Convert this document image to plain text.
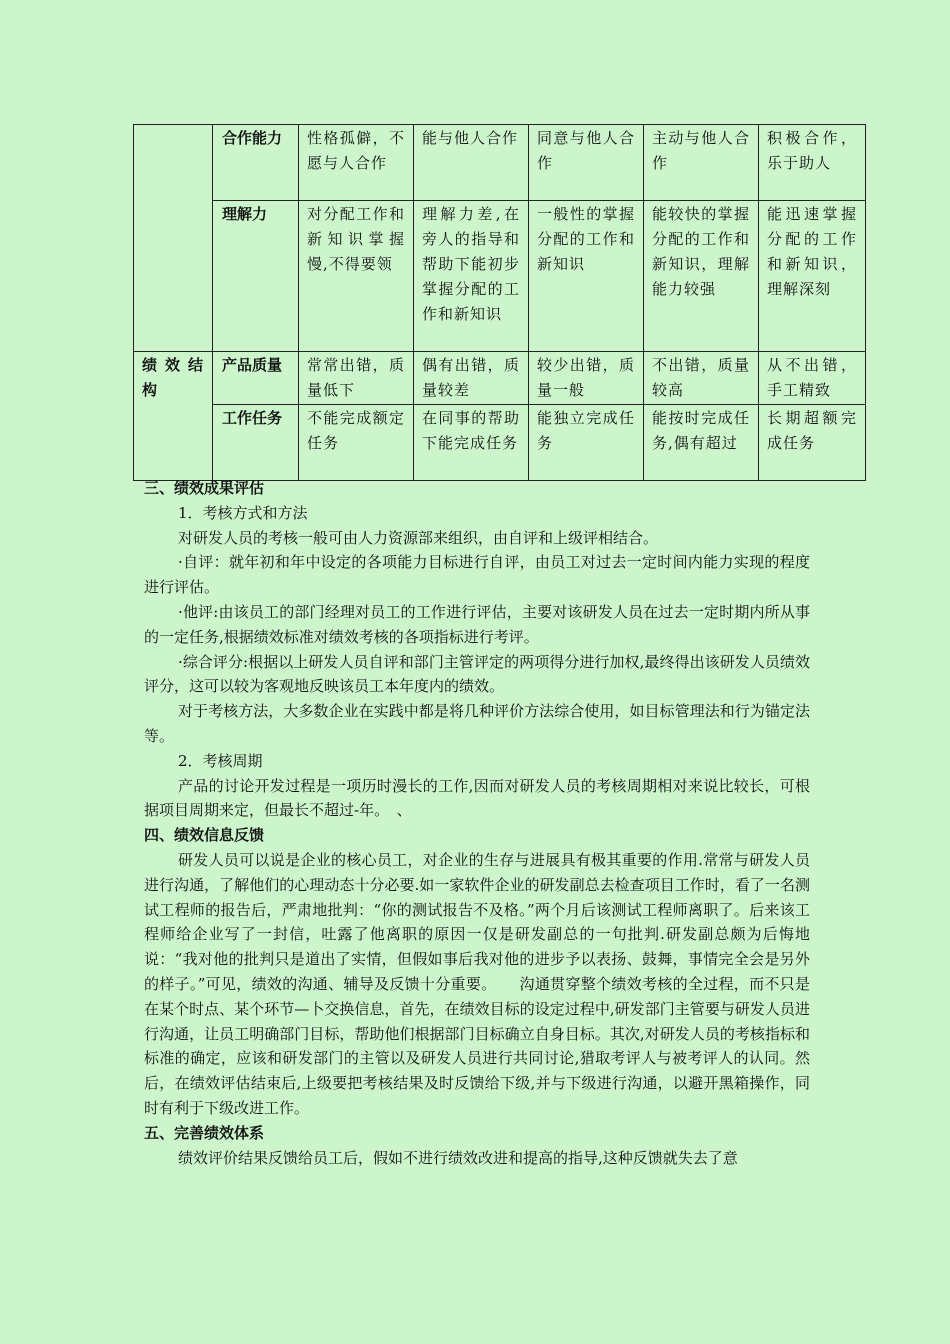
	合作能力	性格孤僻，不愿与人合作	能与他人合作	同意与他人合作	主动与他人合作	积极合作，乐于助人
	理解力	对分配工作和新知识掌握慢,不得要领	理解力差,在旁人的指导和帮助下能初步掌握分配的工作和新知识	一般性的掌握分配的工作和新知识	能较快的掌握分配的工作和新知识，理解能力较强	能迅速掌握分配的工作和新知识，理解深刻
绩效结构	产品质量	常常出错，质量低下	偶有出错，质量较差	较少出错，质量一般	不出错，质量较高	从不出错，手工精致
	工作任务	不能完成额定任务	在同事的帮助下能完成任务	能独立完成任务	能按时完成任务,偶有超过	长期超额完成任务
三、绩效成果评估

1．考核方式和方法

对研发人员的考核一般可由人力资源部来组织，由自评和上级评相结合。

·自评：就年初和年中设定的各项能力目标进行自评，由员工对过去一定时间内能力实现的程度进行评估。

·他评:由该员工的部门经理对员工的工作进行评估，主要对该研发人员在过去一定时期内所从事的一定任务,根据绩效标准对绩效考核的各项指标进行考评。

·综合评分:根据以上研发人员自评和部门主管评定的两项得分进行加权,最终得出该研发人员绩效评分，这可以较为客观地反映该员工本年度内的绩效。

对于考核方法，大多数企业在实践中都是将几种评价方法综合使用，如目标管理法和行为锚定法等。

2．考核周期

产品的讨论开发过程是一项历时漫长的工作,因而对研发人员的考核周期相对来说比较长，可根据项目周期来定，但最长不超过-年。　、

四、绩效信息反馈

研发人员可以说是企业的核心员工，对企业的生存与进展具有极其重要的作用.常常与研发人员进行沟通，了解他们的心理动态十分必要.如一家软件企业的研发副总去检查项目工作时，看了一名测试工程师的报告后，严肃地批判：“你的测试报告不及格。”两个月后该测试工程师离职了。后来该工程师给企业写了一封信，吐露了他离职的原因一仅是研发副总的一句批判.研发副总颇为后悔地说：“我对他的批判只是道出了实情，但假如事后我对他的进步予以表扬、鼓舞，事情完全会是另外的样子。”可见，绩效的沟通、辅导及反馈十分重要。　　沟通贯穿整个绩效考核的全过程，而不只是在某个时点、某个环节—卜交换信息，首先，在绩效目标的设定过程中,研发部门主管要与研发人员进行沟通，让员工明确部门目标，帮助他们根据部门目标确立自身目标。其次,对研发人员的考核指标和标准的确定，应该和研发部门的主管以及研发人员进行共同讨论,猎取考评人与被考评人的认同。然后，在绩效评估结束后,上级要把考核结果及时反馈给下级,并与下级进行沟通，以避开黑箱操作，同时有利于下级改进工作。

五、完善绩效体系

绩效评价结果反馈给员工后，假如不进行绩效改进和提高的指导,这种反馈就失去了意
